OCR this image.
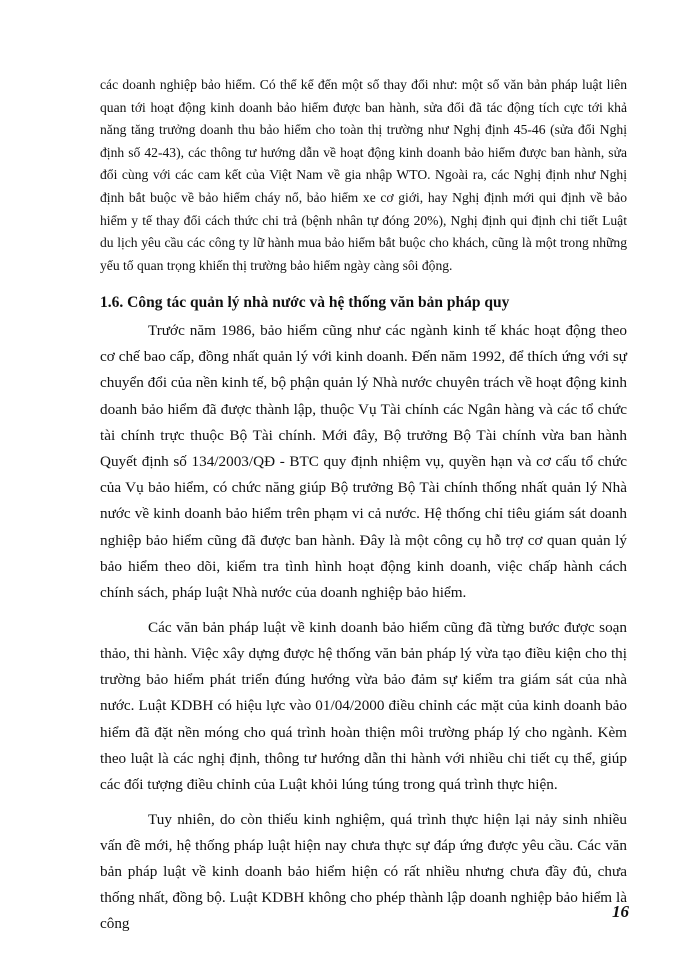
các doanh nghiệp bảo hiểm. Có thể kể đến một số thay đổi như: một số văn bản pháp luật liên quan tới hoạt động kinh doanh bảo hiểm được ban hành, sửa đổi đã tác động tích cực tới khả năng tăng trưởng doanh thu bảo hiểm cho toàn thị trường như Nghị định 45-46 (sửa đổi Nghị định số 42-43), các thông tư hướng dẫn về hoạt động kinh doanh bảo hiểm được ban hành, sửa đổi cùng với các cam kết của Việt Nam về gia nhập WTO. Ngoài ra, các Nghị định như Nghị định bắt buộc về bảo hiểm cháy nổ, bảo hiểm xe cơ giới, hay Nghị định mới qui định về bảo hiểm y tế thay đổi cách thức chi trả (bệnh nhân tự đóng 20%), Nghị định qui định chi tiết Luật du lịch yêu cầu các công ty lữ hành mua bảo hiểm bắt buộc cho khách, cũng là một trong những yếu tố quan trọng khiến thị trường bảo hiểm ngày càng sôi động.

1.6. Công tác quản lý nhà nước và hệ thống văn bản pháp quy

Trước năm 1986, bảo hiểm cũng như các ngành kinh tế khác hoạt động theo cơ chế bao cấp, đồng nhất quản lý với kinh doanh. Đến năm 1992, để thích ứng với sự chuyển đổi của nền kinh tế, bộ phận quản lý Nhà nước chuyên trách về hoạt động kinh doanh bảo hiểm đã được thành lập, thuộc Vụ Tài chính các Ngân hàng và các tổ chức tài chính trực thuộc Bộ Tài chính. Mới đây, Bộ trưởng Bộ Tài chính vừa ban hành Quyết định số 134/2003/QĐ - BTC quy định nhiệm vụ, quyền hạn và cơ cấu tổ chức của Vụ bảo hiểm, có chức năng giúp Bộ trưởng Bộ Tài chính thống nhất quản lý Nhà nước về kinh doanh bảo hiểm trên phạm vi cả nước. Hệ thống chỉ tiêu giám sát doanh nghiệp bảo hiểm cũng đã được ban hành. Đây là một công cụ hỗ trợ cơ quan quản lý bảo hiểm theo dõi, kiểm tra tình hình hoạt động kinh doanh, việc chấp hành cách chính sách, pháp luật Nhà nước của doanh nghiệp bảo hiểm.

Các văn bản pháp luật về kinh doanh bảo hiểm cũng đã từng bước được soạn thảo, thi hành. Việc xây dựng được hệ thống văn bản pháp lý vừa tạo điều kiện cho thị trường bảo hiểm phát triển đúng hướng vừa bảo đảm sự kiểm tra giám sát của nhà nước. Luật KDBH có hiệu lực vào 01/04/2000 điều chỉnh các mặt của kinh doanh bảo hiểm đã đặt nền móng cho quá trình hoàn thiện môi trường pháp lý cho ngành. Kèm theo luật là các nghị định, thông tư hướng dẫn thi hành với nhiều chi tiết cụ thể, giúp các đối tượng điều chỉnh của Luật khỏi lúng túng trong quá trình thực hiện.

Tuy nhiên, do còn thiếu kinh nghiệm, quá trình thực hiện lại nảy sinh nhiều vấn đề mới, hệ thống pháp luật hiện nay chưa thực sự đáp ứng được yêu cầu. Các văn bản pháp luật về kinh doanh bảo hiểm hiện có rất nhiều nhưng chưa đầy đủ, chưa thống nhất, đồng bộ. Luật KDBH không cho phép thành lập doanh nghiệp bảo hiểm là công

16
